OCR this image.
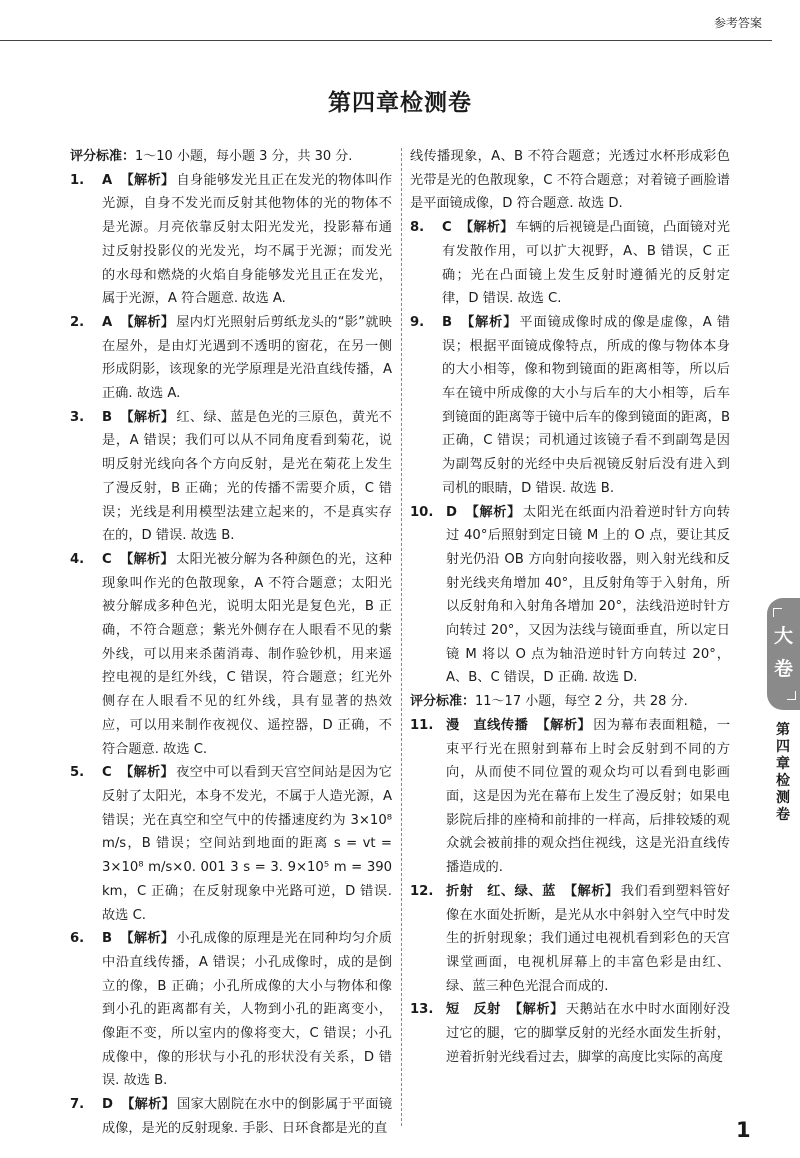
参考答案
第四章检测卷

评分标准：1～10 小题，每小题 3 分，共 30 分.

1.	A 【解析】 自身能够发光且正在发光的物体叫作光源，自身不发光而反射其他物体的光的物体不是光源。月亮依靠反射太阳光发光，投影幕布通过反射投影仪的光发光，均不属于光源；而发光的水母和燃烧的火焰自身能够发光且正在发光，属于光源，A 符合题意. 故选 A.
2.	A 【解析】 屋内灯光照射后剪纸龙头的“影”就映在屋外，是由灯光遇到不透明的窗花，在另一侧形成阴影，该现象的光学原理是光沿直线传播，A 正确. 故选 A.
3.	B 【解析】 红、绿、蓝是色光的三原色，黄光不是，A 错误；我们可以从不同角度看到菊花，说明反射光线向各个方向反射，是光在菊花上发生了漫反射，B 正确；光的传播不需要介质，C 错误；光线是利用模型法建立起来的，不是真实存在的，D 错误. 故选 B.
4.	C 【解析】 太阳光被分解为各种颜色的光，这种现象叫作光的色散现象，A 不符合题意；太阳光被分解成多种色光，说明太阳光是复色光，B 正确，不符合题意；紫光外侧存在人眼看不见的紫外线，可以用来杀菌消毒、制作验钞机，用来遥控电视的是红外线，C 错误，符合题意；红光外侧存在人眼看不见的红外线，具有显著的热效应，可以用来制作夜视仪、遥控器，D 正确，不符合题意. 故选 C.
5.	C 【解析】 夜空中可以看到天宫空间站是因为它反射了太阳光，本身不发光，不属于人造光源，A 错误；光在真空和空气中的传播速度约为 3×10⁸ m/s，B 错误；空间站到地面的距离 s = vt = 3×10⁸ m/s×0. 001 3 s = 3. 9×10⁵ m = 390 km，C 正确；在反射现象中光路可逆，D 错误. 故选 C.
6.	B 【解析】 小孔成像的原理是光在同种均匀介质中沿直线传播，A 错误；小孔成像时，成的是倒立的像，B 正确；小孔所成像的大小与物体和像到小孔的距离都有关，人物到小孔的距离变小，像距不变，所以室内的像将变大，C 错误；小孔成像中，像的形状与小孔的形状没有关系，D 错误. 故选 B.
7.	D 【解析】 国家大剧院在水中的倒影属于平面镜成像，是光的反射现象. 手影、日环食都是光的直

线传播现象，A、B 不符合题意；光透过水杯形成彩色光带是光的色散现象，C 不符合题意；对着镜子画脸谱是平面镜成像，D 符合题意. 故选 D.

8.	C 【解析】 车辆的后视镜是凸面镜，凸面镜对光有发散作用，可以扩大视野，A、B 错误，C 正确；光在凸面镜上发生反射时遵循光的反射定律，D 错误. 故选 C.
9.	B 【解析】 平面镜成像时成的像是虚像，A 错误；根据平面镜成像特点，所成的像与物体本身的大小相等，像和物到镜面的距离相等，所以后车在镜中所成像的大小与后车的大小相等，后车到镜面的距离等于镜中后车的像到镜面的距离，B 正确，C 错误；司机通过该镜子看不到副驾是因为副驾反射的光经中央后视镜反射后没有进入到司机的眼睛，D 错误. 故选 B.
10. D 【解析】 太阳光在纸面内沿着逆时针方向转过 40°后照射到定日镜 M 上的 O 点，要让其反射光仍沿 OB 方向射向接收器，则入射光线和反射光线夹角增加 40°，且反射角等于入射角，所以反射角和入射角各增加 20°，法线沿逆时针方向转过 20°，又因为法线与镜面垂直，所以定日镜 M 将以 O 点为轴沿逆时针方向转过 20°，A、B、C 错误，D 正确. 故选 D.

评分标准：11～17 小题，每空 2 分，共 28 分.

11. 漫　直线传播 【解析】 因为幕布表面粗糙，一束平行光在照射到幕布上时会反射到不同的方向，从而使不同位置的观众均可以看到电影画面，这是因为光在幕布上发生了漫反射；如果电影院后排的座椅和前排的一样高，后排较矮的观众就会被前排的观众挡住视线，这是光沿直线传播造成的.
12. 折射　红、绿、蓝 【解析】 我们看到塑料管好像在水面处折断，是光从水中斜射入空气中时发生的折射现象；我们通过电视机看到彩色的天宫课堂画面，电视机屏幕上的丰富色彩是由红、绿、蓝三种色光混合而成的.
13. 短　反射 【解析】 天鹅站在水中时水面刚好没过它的腿，它的脚掌反射的光经水面发生折射，逆着折射光线看过去，脚掌的高度比实际的高度
大卷
第四章检测卷
1
